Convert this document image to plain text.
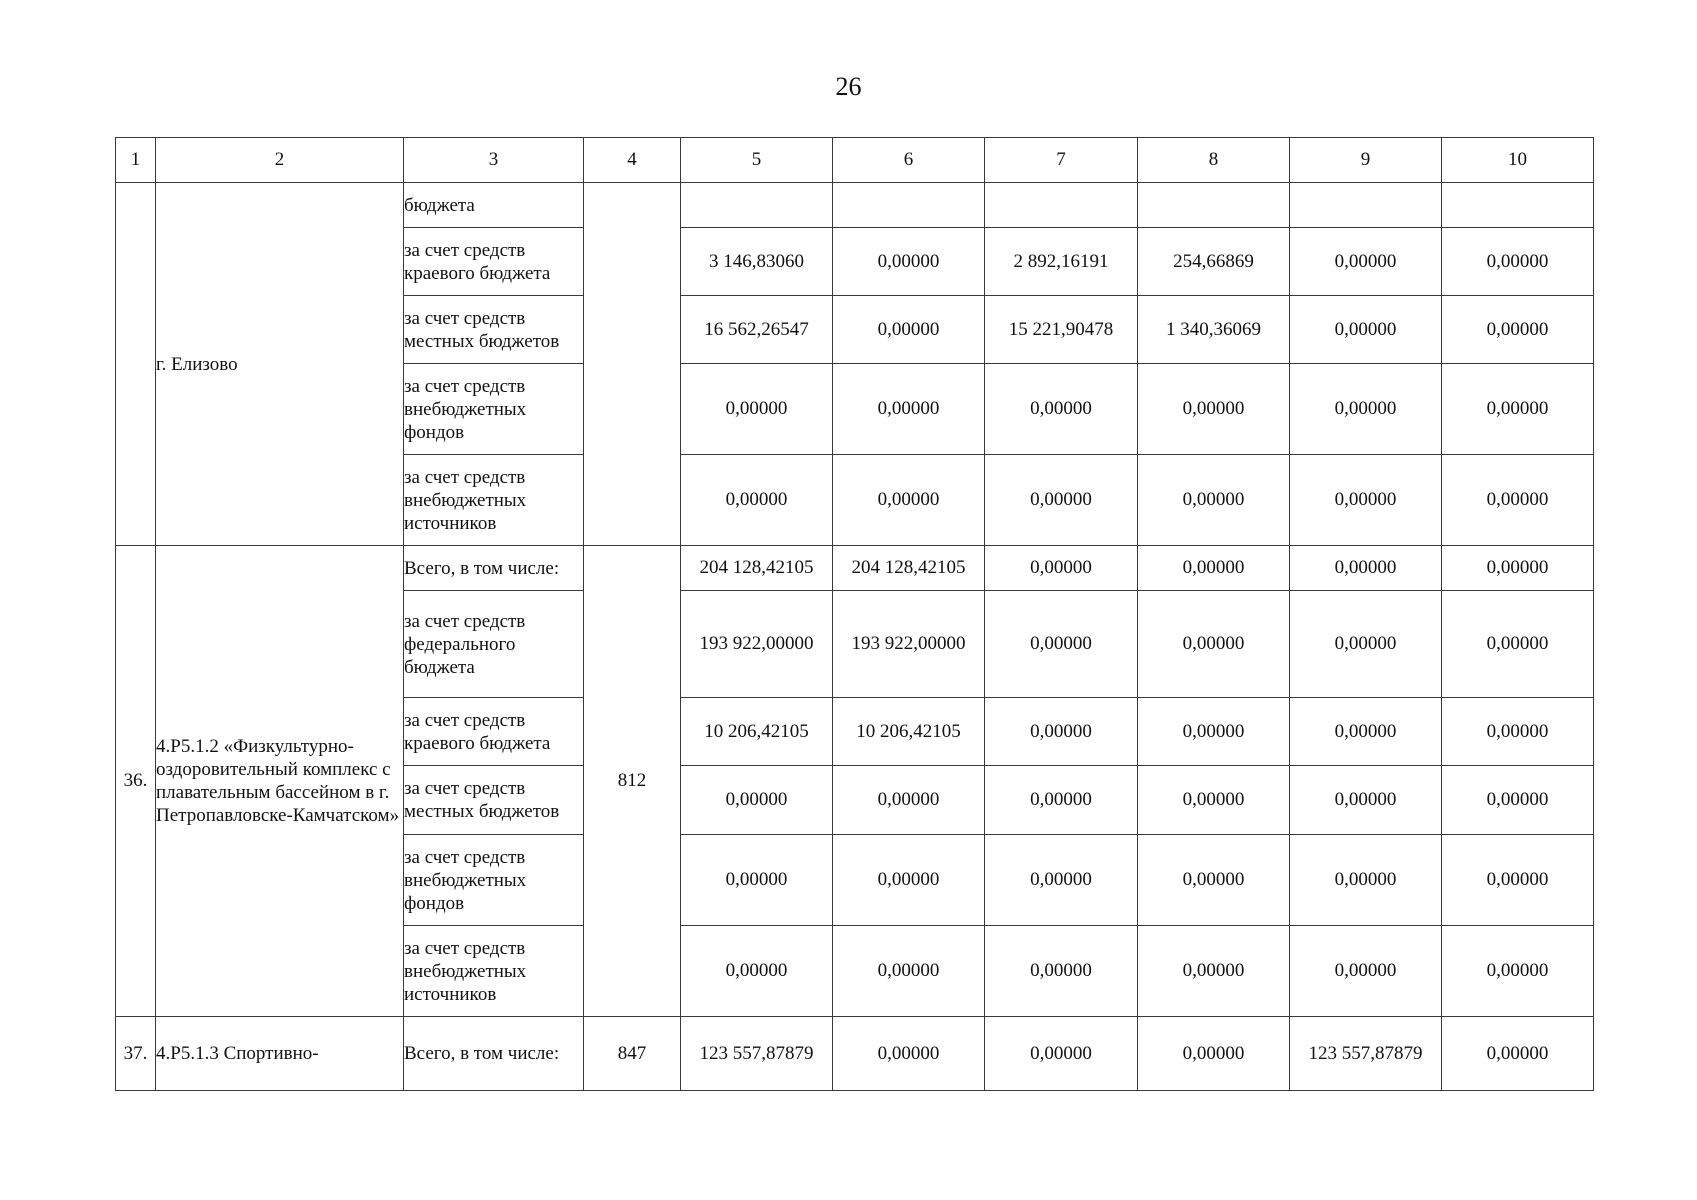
26
1	2	3	4	5	6	7	8	9	10
	г. Елизово	бюджета							
		за счет средств краевого бюджета		3 146,83060	0,00000	2 892,16191	254,66869	0,00000	0,00000
		за счет средств местных бюджетов		16 562,26547	0,00000	15 221,90478	1 340,36069	0,00000	0,00000
		за счет средств внебюджетных фондов		0,00000	0,00000	0,00000	0,00000	0,00000	0,00000
		за счет средств внебюджетных источников		0,00000	0,00000	0,00000	0,00000	0,00000	0,00000
36.	4.Р5.1.2 «Физкультурно-оздоровительный комплекс с плавательным бассейном в г. Петропавловске-Камчатском»	Всего, в том числе:	812	204 128,42105	204 128,42105	0,00000	0,00000	0,00000	0,00000
		за счет средств федерального бюджета		193 922,00000	193 922,00000	0,00000	0,00000	0,00000	0,00000
		за счет средств краевого бюджета		10 206,42105	10 206,42105	0,00000	0,00000	0,00000	0,00000
		за счет средств местных бюджетов		0,00000	0,00000	0,00000	0,00000	0,00000	0,00000
		за счет средств внебюджетных фондов		0,00000	0,00000	0,00000	0,00000	0,00000	0,00000
		за счет средств внебюджетных источников		0,00000	0,00000	0,00000	0,00000	0,00000	0,00000
37.	4.Р5.1.3 Спортивно-	Всего, в том числе:	847	123 557,87879	0,00000	0,00000	0,00000	123 557,87879	0,00000
